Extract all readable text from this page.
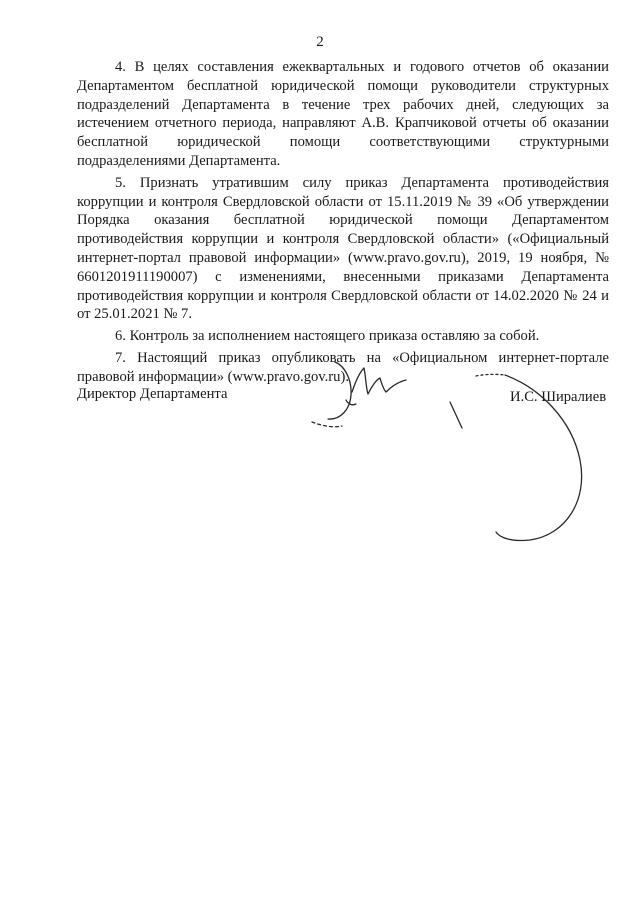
2

4. В целях составления ежеквартальных и годового отчетов об оказании Департаментом бесплатной юридической помощи руководители структурных подразделений Департамента в течение трех рабочих дней, следующих за истечением отчетного периода, направляют А.В. Крапчиковой отчеты об оказании бесплатной юридической помощи соответствующими структурными подразделениями Департамента.

5. Признать утратившим силу приказ Департамента противодействия коррупции и контроля Свердловской области от 15.11.2019 № 39 «Об утверждении Порядка оказания бесплатной юридической помощи Департаментом противодействия коррупции и контроля Свердловской области» («Официальный интернет-портал правовой информации» (www.pravo.gov.ru), 2019, 19 ноября, № 6601201911190007) с изменениями, внесенными приказами Департамента противодействия коррупции и контроля Свердловской области от 14.02.2020 № 24 и от 25.01.2021 № 7.

6. Контроль за исполнением настоящего приказа оставляю за собой.

7. Настоящий приказ опубликовать на «Официальном интернет-портале правовой информации» (www.pravo.gov.ru).

Директор Департамента	И.С. Шиpалиев
